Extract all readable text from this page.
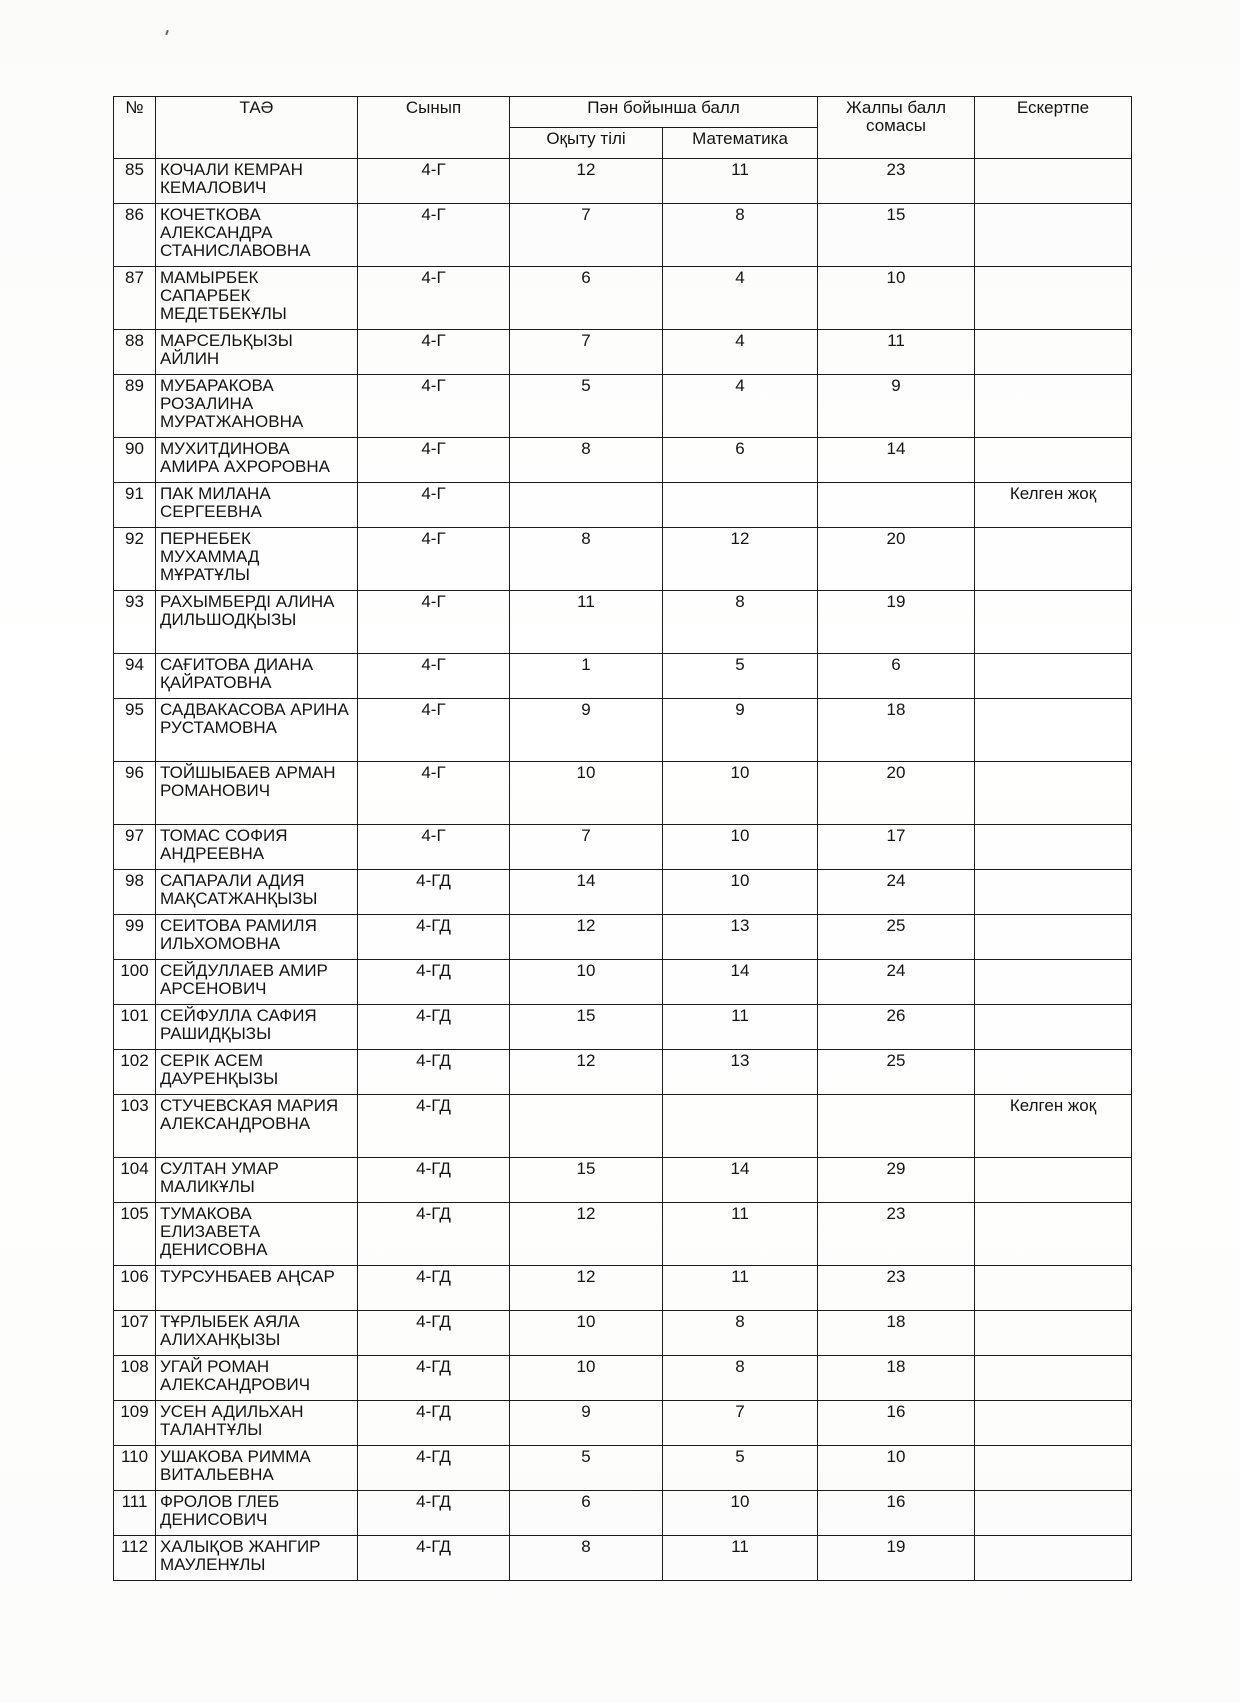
№	ТАӘ	Сынып	Пән бойынша балл		Жалпы балл сомасы	Ескертпе
			Оқыту тілі	Математика		
85	КОЧАЛИ КЕМРАН КЕМАЛОВИЧ	4-Г	12	11	23	
86	КОЧЕТКОВА АЛЕКСАНДРА СТАНИСЛАВОВНА	4-Г	7	8	15	
87	МАМЫРБЕК САПАРБЕК МЕДЕТБЕКҰЛЫ	4-Г	6	4	10	
88	МАРСЕЛЬҚЫЗЫ АЙЛИН	4-Г	7	4	11	
89	МУБАРАКОВА РОЗАЛИНА МУРАТЖАНОВНА	4-Г	5	4	9	
90	МУХИТДИНОВА АМИРА АХРОРОВНА	4-Г	8	6	14	
91	ПАК МИЛАНА СЕРГЕЕВНА	4-Г				Келген жоқ
92	ПЕРНЕБЕК МУХАММАД МҰРАТҰЛЫ	4-Г	8	12	20	
93	РАХЫМБЕРДІ АЛИНА ДИЛЬШОДҚЫЗЫ	4-Г	11	8	19	
94	САҒИТОВА ДИАНА ҚАЙРАТОВНА	4-Г	1	5	6	
95	САДВАКАСОВА АРИНА РУСТАМОВНА	4-Г	9	9	18	
96	ТОЙШЫБАЕВ АРМАН РОМАНОВИЧ	4-Г	10	10	20	
97	ТОМАС СОФИЯ АНДРЕЕВНА	4-Г	7	10	17	
98	САПАРАЛИ АДИЯ МАҚСАТЖАНҚЫЗЫ	4-ГД	14	10	24	
99	СЕИТОВА РАМИЛЯ ИЛЬХОМОВНА	4-ГД	12	13	25	
100	СЕЙДУЛЛАЕВ АМИР АРСЕНОВИЧ	4-ГД	10	14	24	
101	СЕЙФУЛЛА САФИЯ РАШИДҚЫЗЫ	4-ГД	15	11	26	
102	СЕРІК АСЕМ ДАУРЕНҚЫЗЫ	4-ГД	12	13	25	
103	СТУЧЕВСКАЯ МАРИЯ АЛЕКСАНДРОВНА	4-ГД				Келген жоқ
104	СУЛТАН УМАР МАЛИКҰЛЫ	4-ГД	15	14	29	
105	ТУМАКОВА ЕЛИЗАВЕТА ДЕНИСОВНА	4-ГД	12	11	23	
106	ТУРСУНБАЕВ АҢСАР	4-ГД	12	11	23	
107	ТҰРЛЫБЕК АЯЛА АЛИХАНҚЫЗЫ	4-ГД	10	8	18	
108	УГАЙ РОМАН АЛЕКСАНДРОВИЧ	4-ГД	10	8	18	
109	УСЕН АДИЛЬХАН ТАЛАНТҰЛЫ	4-ГД	9	7	16	
110	УШАКОВА РИММА ВИТАЛЬЕВНА	4-ГД	5	5	10	
111	ФРОЛОВ ГЛЕБ ДЕНИСОВИЧ	4-ГД	6	10	16	
112	ХАЛЫҚОВ ЖАНГИР МАУЛЕНҰЛЫ	4-ГД	8	11	19	
